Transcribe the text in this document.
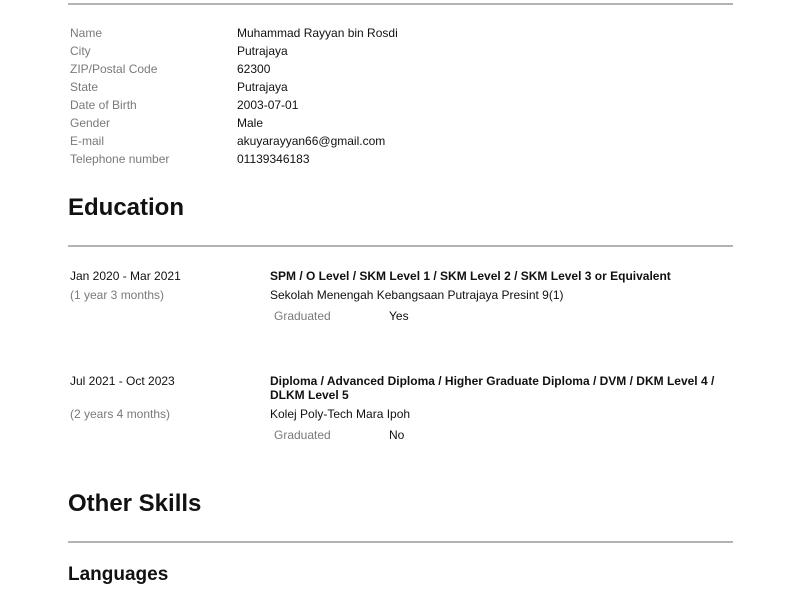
Name	Muhammad Rayyan bin Rosdi
City	Putrajaya
ZIP/Postal Code	62300
State	Putrajaya
Date of Birth	2003-07-01
Gender	Male
E-mail	akuyarayyan66@gmail.com
Telephone number	01139346183
Education
Jan 2020 - Mar 2021
(1 year 3 months)
SPM / O Level / SKM Level 1 / SKM Level 2 / SKM Level 3 or Equivalent
Sekolah Menengah Kebangsaan Putrajaya Presint 9(1)
Graduated	Yes
Jul 2021 - Oct 2023
(2 years 4 months)
Diploma / Advanced Diploma / Higher Graduate Diploma / DVM / DKM Level 4 / DLKM Level 5
Kolej Poly-Tech Mara Ipoh
Graduated	No
Other Skills
Languages
